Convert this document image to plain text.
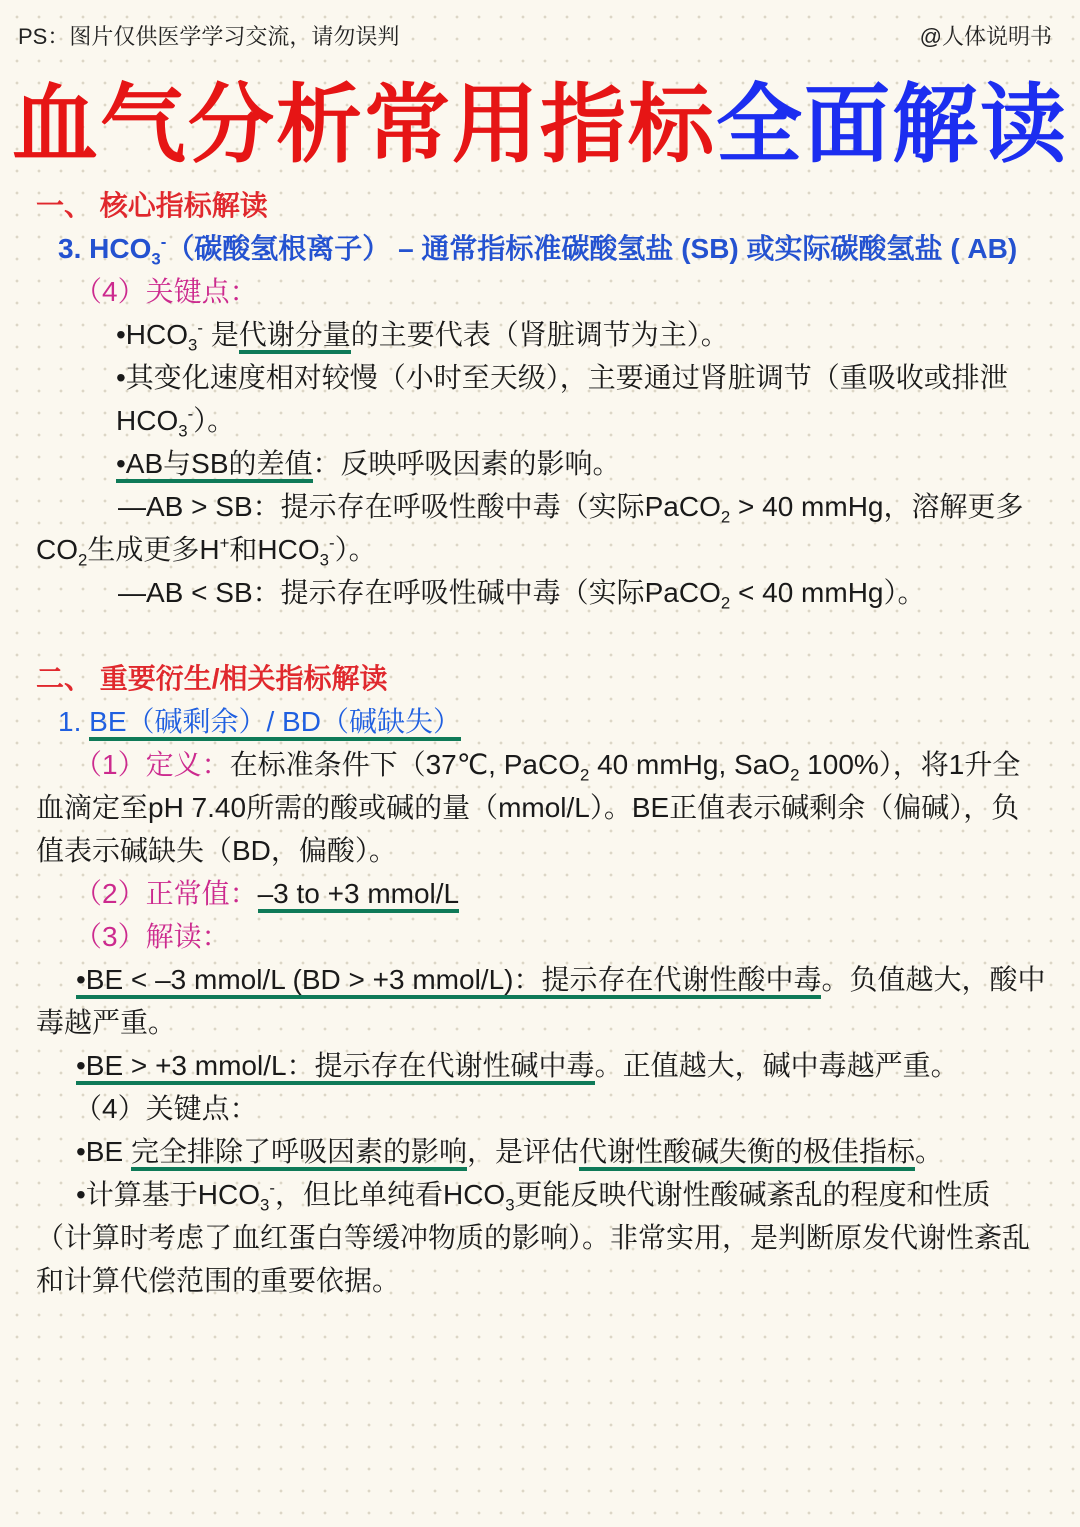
PS：图片仅供医学学习交流，请勿误判	@人体说明书
血气分析常用指标全面解读
一、 核心指标解读
3. $HCO_3^-$（碳酸氢根离子） – 通常指标准碳酸氢盐 (SB) 或实际碳酸氢盐 ( AB)
（4）关键点：
$•HCO_3^-$ 是代谢分量的主要代表（肾脏调节为主）。
•其变化速度相对较慢（小时至天级），主要通过肾脏调节（重吸收或排泄$HCO_3^-$）。
•AB与SB的差值：反映呼吸因素的影响。
—AB > SB：提示存在呼吸性酸中毒（实际PaCO$_2$ > 40 mmHg，溶解更多$CO_2$生成更多H+和$HCO_3^-$）。
—AB < SB：提示存在呼吸性碱中毒（实际PaCO$_2$ < 40 mmHg）。
二、 重要衍生/相关指标解读
1. BE（碱剩余）/ BD（碱缺失）
（1）定义：在标准条件下（37℃, PaCO$_2$ 40 mmHg, SaO$_2$ 100%），将1升全血滴定至pH 7.40所需的酸或碱的量（mmol/L）。BE正值表示碱剩余（偏碱），负值表示碱缺失（BD，偏酸）。
（2）正常值：–3 to +3 mmol/L
（3）解读：
•BE < –3 mmol/L (BD > +3 mmol/L)：提示存在代谢性酸中毒。负值越大，酸中毒越严重。
•BE > +3 mmol/L：提示存在代谢性碱中毒。正值越大，碱中毒越严重。
（4）关键点：
•BE 完全排除了呼吸因素的影响，是评估代谢性酸碱失衡的极佳指标。
•计算基于$HCO_3^-$，但比单纯看$HCO_3$更能反映代谢性酸碱紊乱的程度和性质（计算时考虑了血红蛋白等缓冲物质的影响）。非常实用，是判断原发代谢性紊乱和计算代偿范围的重要依据。
